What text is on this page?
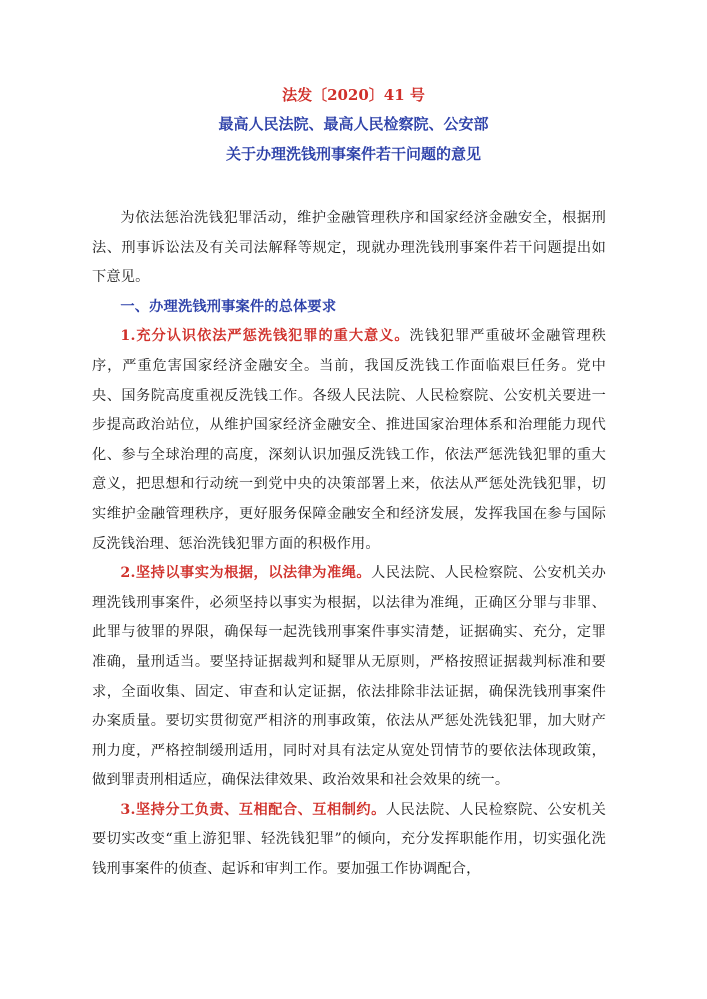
法发〔2020〕41 号
最高人民法院、最高人民检察院、公安部
关于办理洗钱刑事案件若干问题的意见

为依法惩治洗钱犯罪活动，维护金融管理秩序和国家经济金融安全，根据刑法、刑事诉讼法及有关司法解释等规定，现就办理洗钱刑事案件若干问题提出如下意见。

一、办理洗钱刑事案件的总体要求

1.充分认识依法严惩洗钱犯罪的重大意义。洗钱犯罪严重破坏金融管理秩序，严重危害国家经济金融安全。当前，我国反洗钱工作面临艰巨任务。党中央、国务院高度重视反洗钱工作。各级人民法院、人民检察院、公安机关要进一步提高政治站位，从维护国家经济金融安全、推进国家治理体系和治理能力现代化、参与全球治理的高度，深刻认识加强反洗钱工作，依法严惩洗钱犯罪的重大意义，把思想和行动统一到党中央的决策部署上来，依法从严惩处洗钱犯罪，切实维护金融管理秩序，更好服务保障金融安全和经济发展，发挥我国在参与国际反洗钱治理、惩治洗钱犯罪方面的积极作用。

2.坚持以事实为根据，以法律为准绳。人民法院、人民检察院、公安机关办理洗钱刑事案件，必须坚持以事实为根据，以法律为准绳，正确区分罪与非罪、此罪与彼罪的界限，确保每一起洗钱刑事案件事实清楚，证据确实、充分，定罪准确，量刑适当。要坚持证据裁判和疑罪从无原则，严格按照证据裁判标准和要求，全面收集、固定、审查和认定证据，依法排除非法证据，确保洗钱刑事案件办案质量。要切实贯彻宽严相济的刑事政策，依法从严惩处洗钱犯罪，加大财产刑力度，严格控制缓刑适用，同时对具有法定从宽处罚情节的要依法体现政策，做到罪责刑相适应，确保法律效果、政治效果和社会效果的统一。

3.坚持分工负责、互相配合、互相制约。人民法院、人民检察院、公安机关要切实改变“重上游犯罪、轻洗钱犯罪”的倾向，充分发挥职能作用，切实强化洗钱刑事案件的侦查、起诉和审判工作。要加强工作协调配合，
